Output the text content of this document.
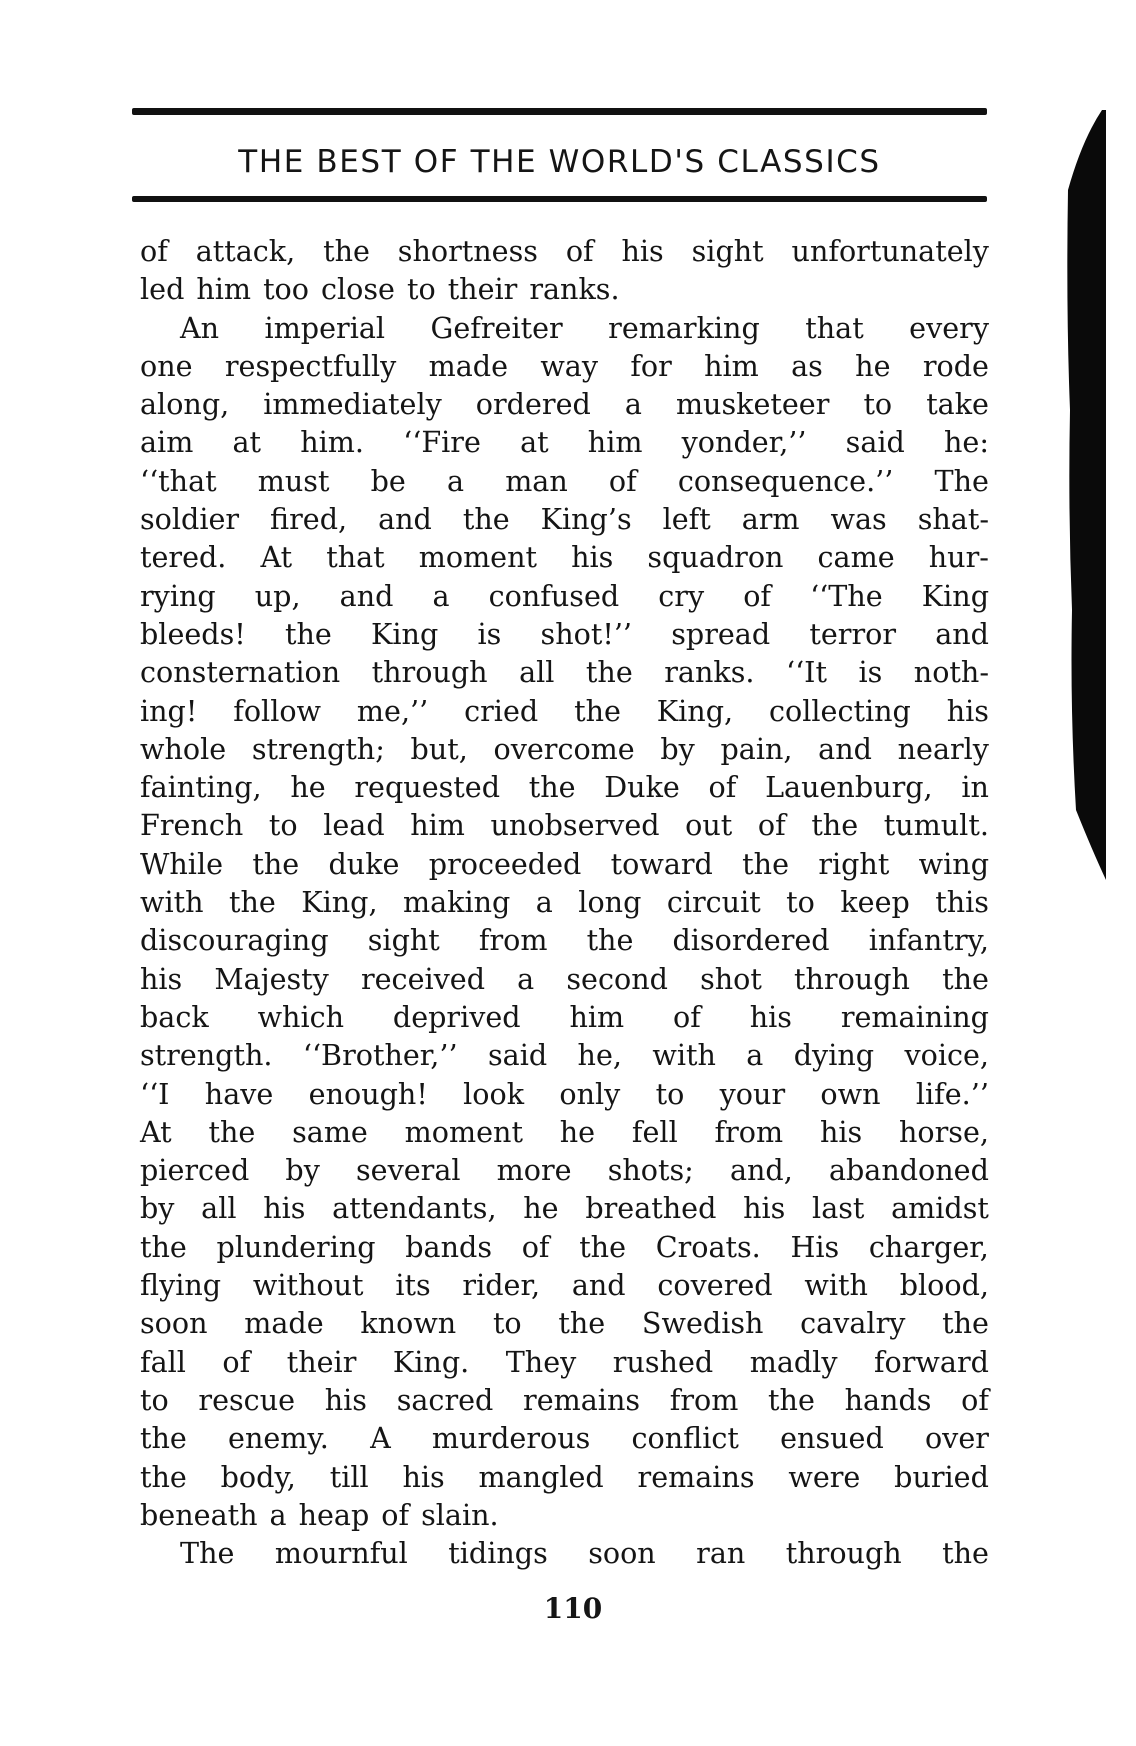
THE BEST OF THE WORLD'S CLASSICS
of attack, the shortness of his sight unfortunately
led him too close to their ranks.
An imperial Gefreiter remarking that every
one respectfully made way for him as he rode
along, immediately ordered a musketeer to take
aim at him. ‘‘Fire at him yonder,’’ said he:
‘‘that must be a man of consequence.’’ The
soldier fired, and the King’s left arm was shat-
tered. At that moment his squadron came hur-
rying up, and a confused cry of ‘‘The King
bleeds! the King is shot!’’ spread terror and
consternation through all the ranks. ‘‘It is noth-
ing! follow me,’’ cried the King, collecting his
whole strength; but, overcome by pain, and nearly
fainting, he requested the Duke of Lauenburg, in
French to lead him unobserved out of the tumult.
While the duke proceeded toward the right wing
with the King, making a long circuit to keep this
discouraging sight from the disordered infantry,
his Majesty received a second shot through the
back which deprived him of his remaining
strength. ‘‘Brother,’’ said he, with a dying voice,
‘‘I have enough! look only to your own life.’’
At the same moment he fell from his horse,
pierced by several more shots; and, abandoned
by all his attendants, he breathed his last amidst
the plundering bands of the Croats. His charger,
flying without its rider, and covered with blood,
soon made known to the Swedish cavalry the
fall of their King. They rushed madly forward
to rescue his sacred remains from the hands of
the enemy. A murderous conflict ensued over
the body, till his mangled remains were buried
beneath a heap of slain.
The mournful tidings soon ran through the
110
